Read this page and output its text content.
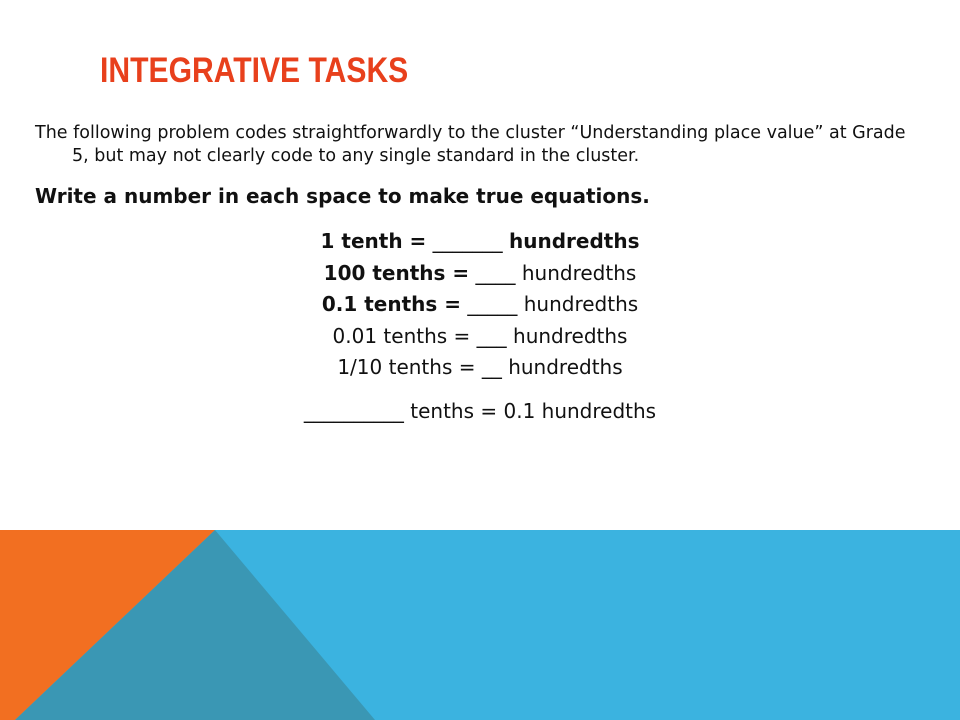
INTEGRATIVE TASKS
The following problem codes straightforwardly to the cluster “Understanding place value” at Grade
5, but may not clearly code to any single standard in the cluster.
Write a number in each space to make true equations.
1 tenth = _______ hundredths
100 tenths = ____ hundredths
0.1 tenths = _____ hundredths
0.01 tenths = ___ hundredths
1/10 tenths = __ hundredths
__________ tenths = 0.1 hundredths
